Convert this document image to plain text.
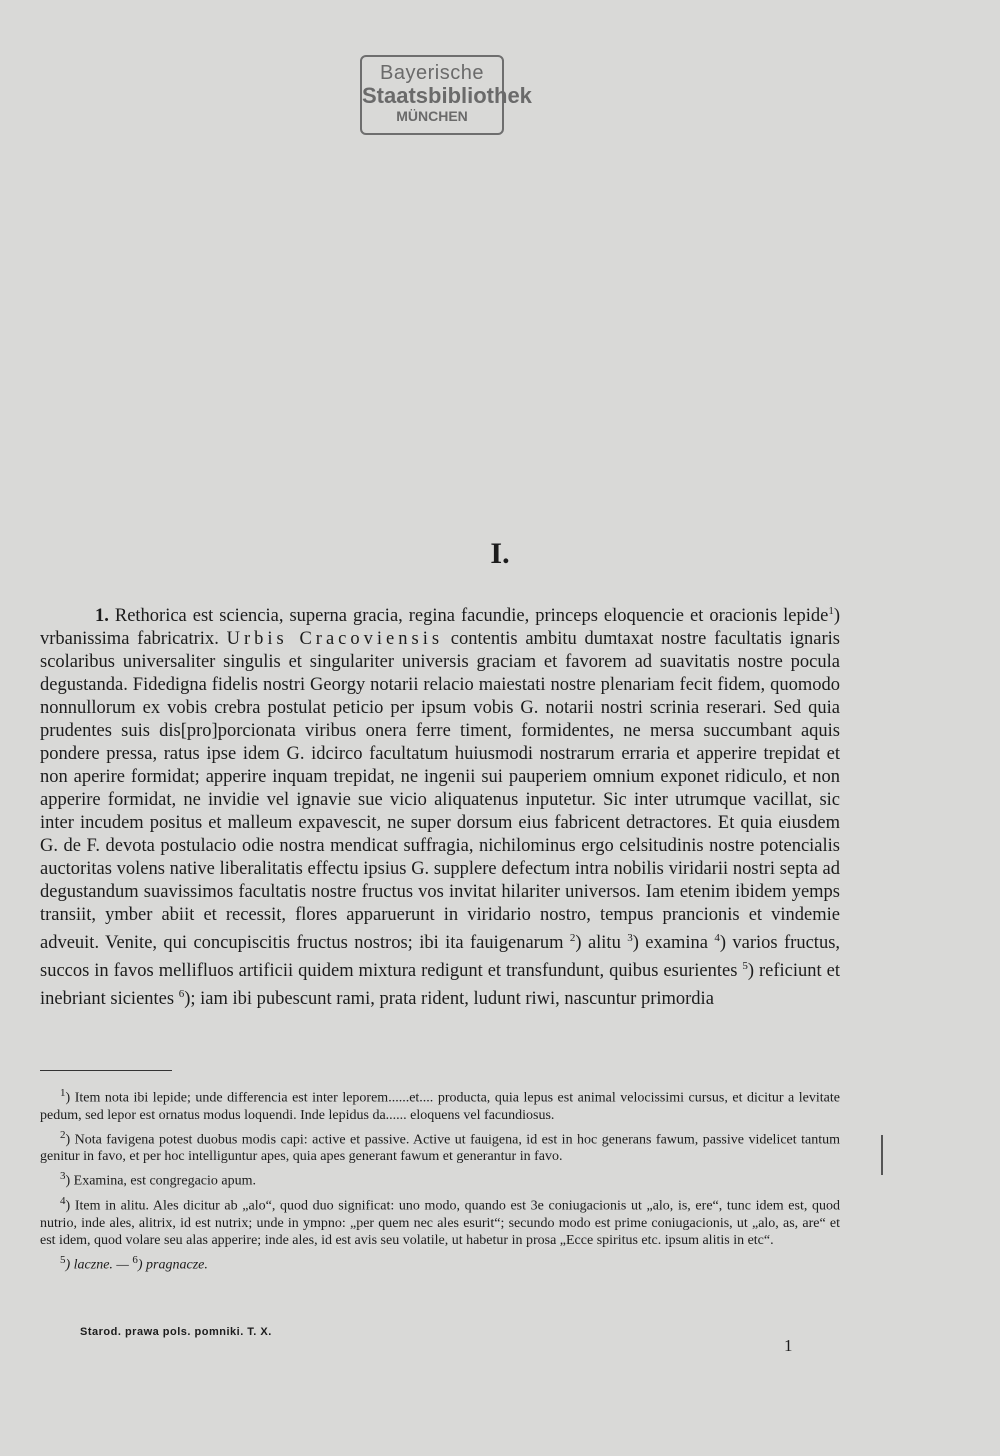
Bayerische
Staatsbibliothek
MÜNCHEN
I.

1. Rethorica est sciencia, superna gracia, regina facundie, princeps eloquencie et oracionis lepide$^1$) vrbanissima fabricatrix. Urbis Cracoviensis contentis ambitu dumtaxat nostre facultatis ignaris scolaribus universaliter singulis et singulariter universis graciam et favorem ad suavitatis nostre pocula degustanda. Fidedigna fidelis nostri Georgy notarii relacio maiestati nostre plenariam fecit fidem, quomodo nonnullorum ex vobis crebra postulat peticio per ipsum vobis G. notarii nostri scrinia reserari. Sed quia prudentes suis dis[pro]porcionata viribus onera ferre timent, formidentes, ne mersa succumbant aquis pondere pressa, ratus ipse idem G. idcirco facultatum huiusmodi nostrarum erraria et apperire trepidat et non aperire formidat; apperire inquam trepidat, ne ingenii sui pauperiem omnium exponet ridiculo, et non apperire formidat, ne invidie vel ignavie sue vicio aliquatenus inputetur. Sic inter utrumque vacillat, sic inter incudem positus et malleum expavescit, ne super dorsum eius fabricent detractores. Et quia eiusdem G. de F. devota postulacio odie nostra mendicat suffragia, nichilominus ergo celsitudinis nostre potencialis auctoritas volens native liberalitatis effectu ipsius G. supplere defectum intra nobilis viridarii nostri septa ad degustandum suavissimos facultatis nostre fructus vos invitat hilariter universos. Iam etenim ibidem yemps transiit, ymber abiit et recessit, flores apparuerunt in viridario nostro, tempus prancionis et vindemie adveuit. Venite, qui concupiscitis fructus nostros; ibi ita fauigenarum $^2$) alitu $^3$) examina $^4$) varios fructus, succos in favos mellifluos artificii quidem mixtura redigunt et transfundunt, quibus esurientes $^5$) reficiunt et inebriant sicientes $^6$); iam ibi pubescunt rami, prata rident, ludunt riwi, nascuntur primordia

$^1$) Item nota ibi lepide; unde differencia est inter leporem......et.... producta, quia lepus est animal velocissimi cursus, et dicitur a levitate pedum, sed lepor est ornatus modus loquendi. Inde lepidus da...... eloquens vel facundiosus.

$^2$) Nota favigena potest duobus modis capi: active et passive. Active ut fauigena, id est in hoc generans fawum, passive videlicet tantum genitur in favo, et per hoc intelliguntur apes, quia apes generant fawum et generantur in favo.

$^3$) Examina, est congregacio apum.

$^4$) Item in alitu. Ales dicitur ab „alo“, quod duo significat: uno modo, quando est 3e coniugacionis ut „alo, is, ere“, tunc idem est, quod nutrio, inde ales, alitrix, id est nutrix; unde in ympno: „per quem nec ales esurit“; secundo modo est prime coniugacionis, ut „alo, as, are“ et est idem, quod volare seu alas apperire; inde ales, id est avis seu volatile, ut habetur in prosa „Ecce spiritus etc. ipsum alitis in etc“.

$^5$) laczne. — $^6$) pragnacze.

Starod. prawa pols. pomniki. T. X.
1
